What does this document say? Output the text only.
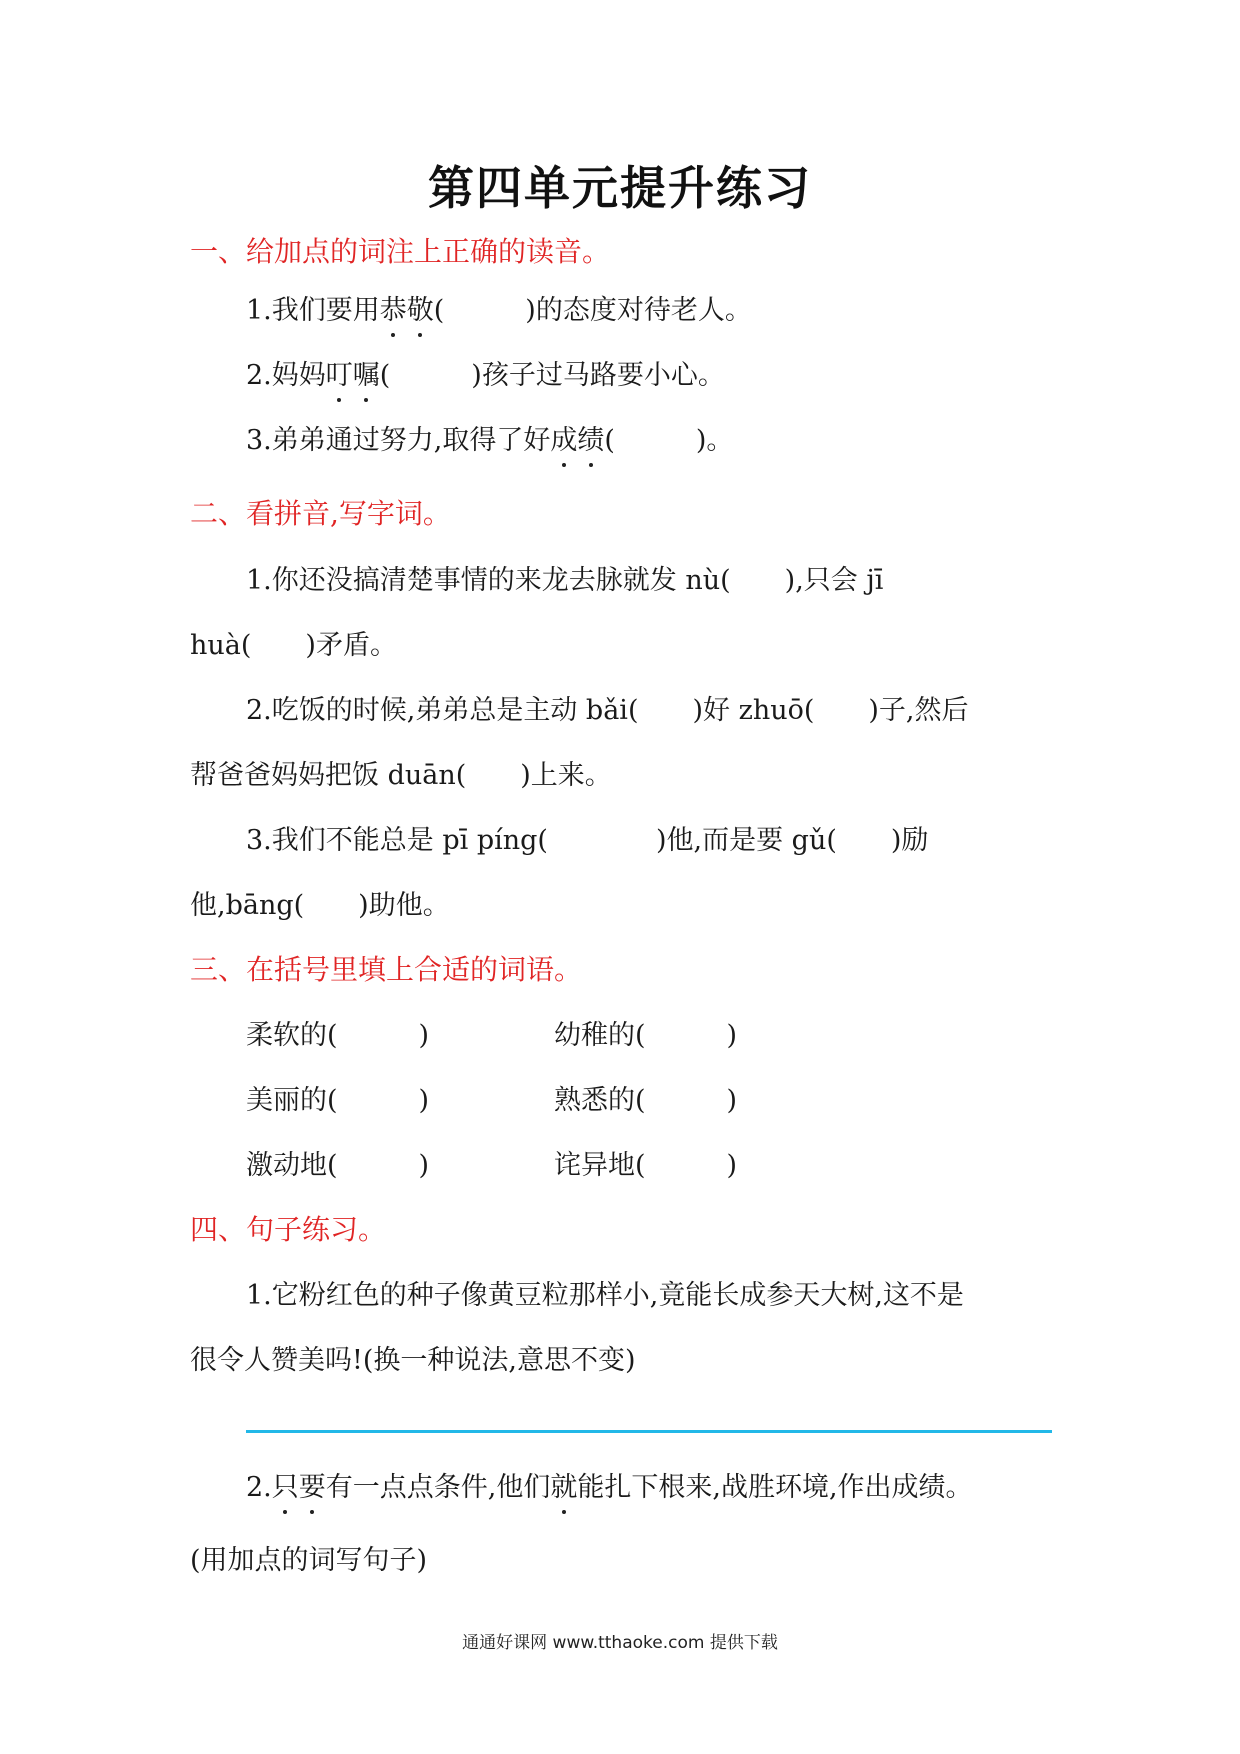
第四单元提升练习
一、给加点的词注上正确的读音。
1.我们要用恭敬(　　　)的态度对待老人。
2.妈妈叮嘱(　　　)孩子过马路要小心。
3.弟弟通过努力,取得了好成绩(　　　)。
二、看拼音,写字词。
1.你还没搞清楚事情的来龙去脉就发 nù(　　),只会 jī
huà(　　)矛盾。
2.吃饭的时候,弟弟总是主动 bǎi(　　)好 zhuō(　　)子,然后
帮爸爸妈妈把饭 duān(　　)上来。
3.我们不能总是 pī píng(　　　　)他,而是要 gǔ(　　)励
他,bāng(　　)助他。
三、在括号里填上合适的词语。
柔软的(　　　)	幼稚的(　　　)
美丽的(　　　)	熟悉的(　　　)
激动地(　　　)	诧异地(　　　)
四、句子练习。
1.它粉红色的种子像黄豆粒那样小,竟能长成参天大树,这不是
很令人赞美吗!(换一种说法,意思不变)
2.只要有一点点条件,他们就能扎下根来,战胜环境,作出成绩。
(用加点的词写句子)
通通好课网 www.tthaoke.com 提供下载
